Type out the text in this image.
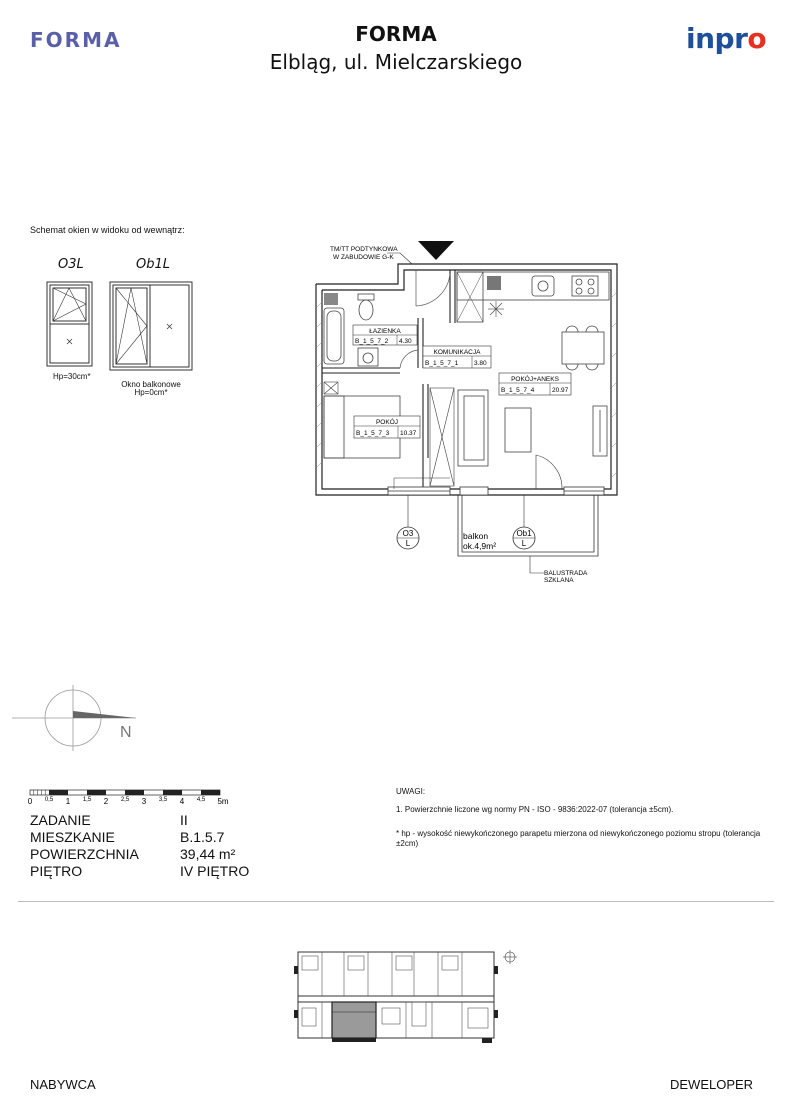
FORMA	inpro
FORMA
Elbląg, ul. Mielczarskiego
Schemat okien w widoku od wewnątrz:
O3L	Ob1L
Hp=30cm*
Okno balkonowe
Hp=0cm*
TM/TT PODTYNKOWA
W ZABUDOWIE G-K
ŁAZIENKA
B_1_5_7_2 4.30
KOMUNIKACJA
B_1_5_7_1 3.80
POKÓJ+ANEKS
B_1_5_7_4	20.97
POKÓJ
B_1_5_7_3 10.37
balkon
ok.4,9m²
BALUSTRADA
SZKLANA
O3
L
Ob1
L
N
0 0,5 1 1,5 2 2,5 3 3,5 4 4,5 5m
ZADANIE	II
MIESZKANIE	B.1.5.7
POWIERZCHNIA	39,44 m²
PIĘTRO	IV PIĘTRO

UWAGI:

1. Powierzchnie liczone wg normy PN - ISO - 9836:2022-07 (tolerancja ±5cm).

* hp - wysokość niewykończonego parapetu mierzona od niewykończonego poziomu stropu (tolerancja ±2cm)

NABYWCA	DEWELOPER
